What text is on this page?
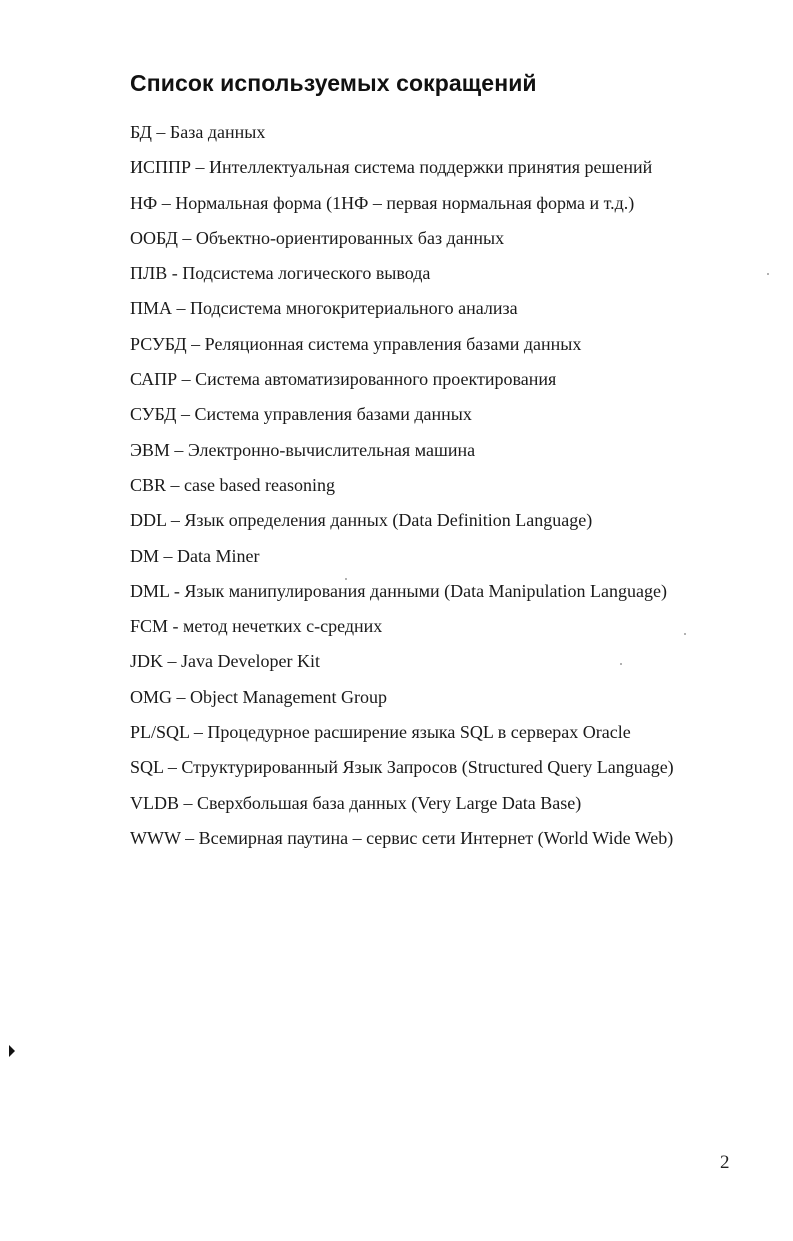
Список используемых сокращений
БД – База данных
ИСППР – Интеллектуальная система поддержки принятия решений
НФ – Нормальная форма (1НФ – первая нормальная форма и т.д.)
ООБД – Объектно-ориентированных баз данных
ПЛВ - Подсистема логического вывода
ПМА – Подсистема многокритериального анализа
РСУБД – Реляционная система управления базами данных
САПР – Система автоматизированного проектирования
СУБД – Система управления базами данных
ЭВМ – Электронно-вычислительная машина
CBR – case based reasoning
DDL – Язык определения данных (Data Definition Language)
DM – Data Miner
DML - Язык манипулирования данными (Data Manipulation Language)
FCM - метод нечетких с-средних
JDK – Java Developer Kit
OMG – Object Management Group
PL/SQL – Процедурное расширение языка SQL в серверах Oracle
SQL – Структурированный Язык Запросов (Structured Query Language)
VLDB – Сверхбольшая база данных (Very Large Data Base)
WWW – Всемирная паутина – сервис сети Интернет (World Wide Web)
2
